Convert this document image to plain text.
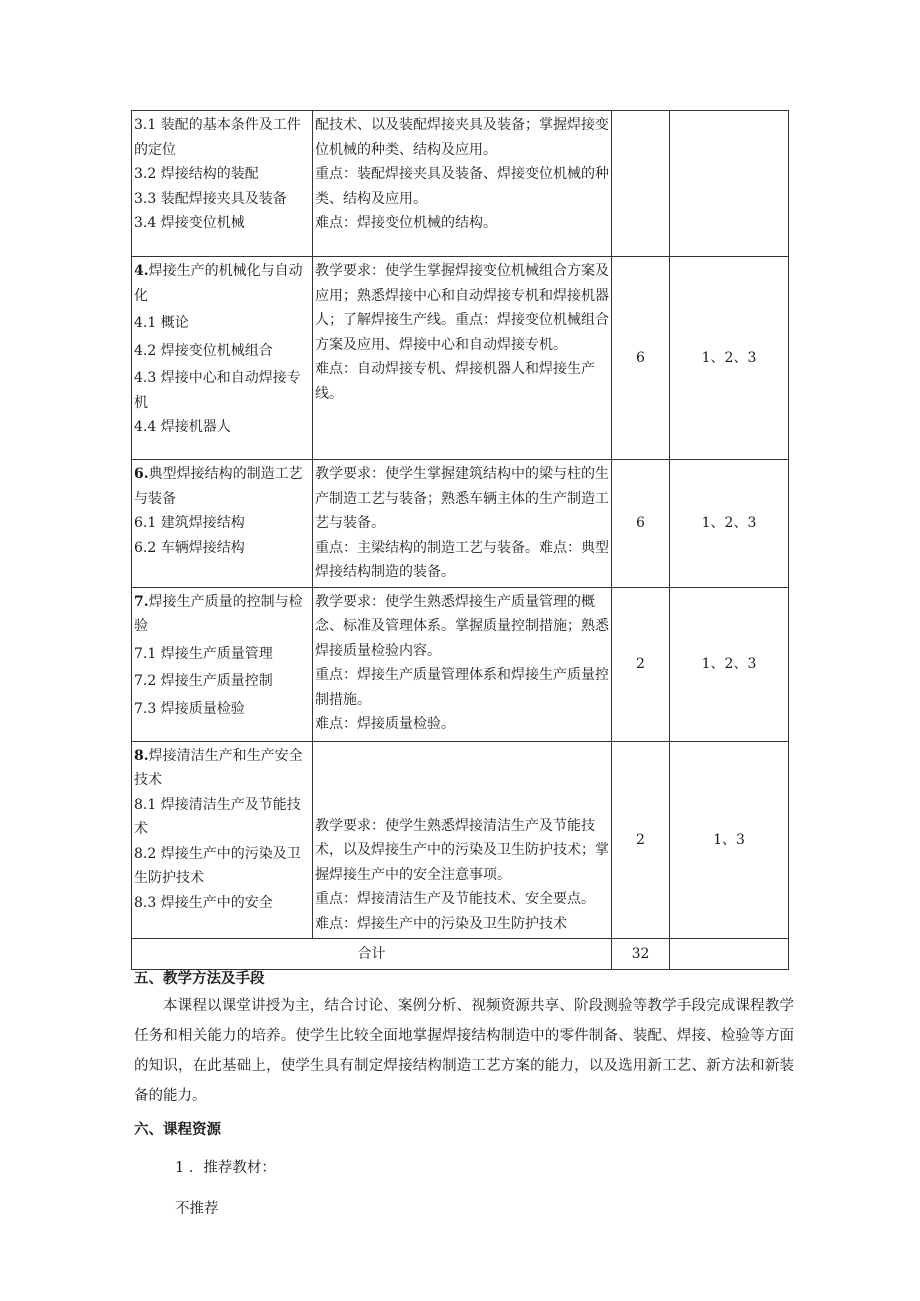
3.1 装配的基本条件及工件的定位
3.2 焊接结构的装配
3.3 装配焊接夹具及装备
3.4 焊接变位机械	配技术、以及装配焊接夹具及装备；掌握焊接变位机械的种类、结构及应用。
重点：装配焊接夹具及装备、焊接变位机械的种类、结构及应用。
难点：焊接变位机械的结构。		

4.焊接生产的机械化与自动化
4.1 概论
4.2 焊接变位机械组合
4.3 焊接中心和自动焊接专机
4.4 焊接机器人	教学要求：使学生掌握焊接变位机械组合方案及应用；熟悉焊接中心和自动焊接专机和焊接机器人；了解焊接生产线。重点：焊接变位机械组合方案及应用、焊接中心和自动焊接专机。
难点：自动焊接专机、焊接机器人和焊接生产线。	6	1、2、3

6.典型焊接结构的制造工艺与装备
6.1 建筑焊接结构
6.2 车辆焊接结构	教学要求：使学生掌握建筑结构中的梁与柱的生产制造工艺与装备；熟悉车辆主体的生产制造工艺与装备。
重点：主梁结构的制造工艺与装备。难点：典型焊接结构制造的装备。	6	1、2、3

7.焊接生产质量的控制与检验
7.1 焊接生产质量管理
7.2 焊接生产质量控制
7.3 焊接质量检验	教学要求：使学生熟悉焊接生产质量管理的概念、标准及管理体系。掌握质量控制措施；熟悉焊接质量检验内容。
重点：焊接生产质量管理体系和焊接生产质量控制措施。
难点：焊接质量检验。	2	1、2、3

8.焊接清洁生产和生产安全技术
8.1 焊接清洁生产及节能技术
8.2 焊接生产中的污染及卫生防护技术
8.3 焊接生产中的安全	教学要求：使学生熟悉焊接清洁生产及节能技术，以及焊接生产中的污染及卫生防护技术；掌握焊接生产中的安全注意事项。
重点：焊接清洁生产及节能技术、安全要点。
难点：焊接生产中的污染及卫生防护技术	2	1、3
合计		32	
五、教学方法及手段
本课程以课堂讲授为主，结合讨论、案例分析、视频资源共享、阶段测验等教学手段完成课程教学任务和相关能力的培养。使学生比较全面地掌握焊接结构制造中的零件制备、装配、焊接、检验等方面的知识，在此基础上，使学生具有制定焊接结构制造工艺方案的能力，以及选用新工艺、新方法和新装备的能力。
六、课程资源
1 ．推荐教材：
不推荐
